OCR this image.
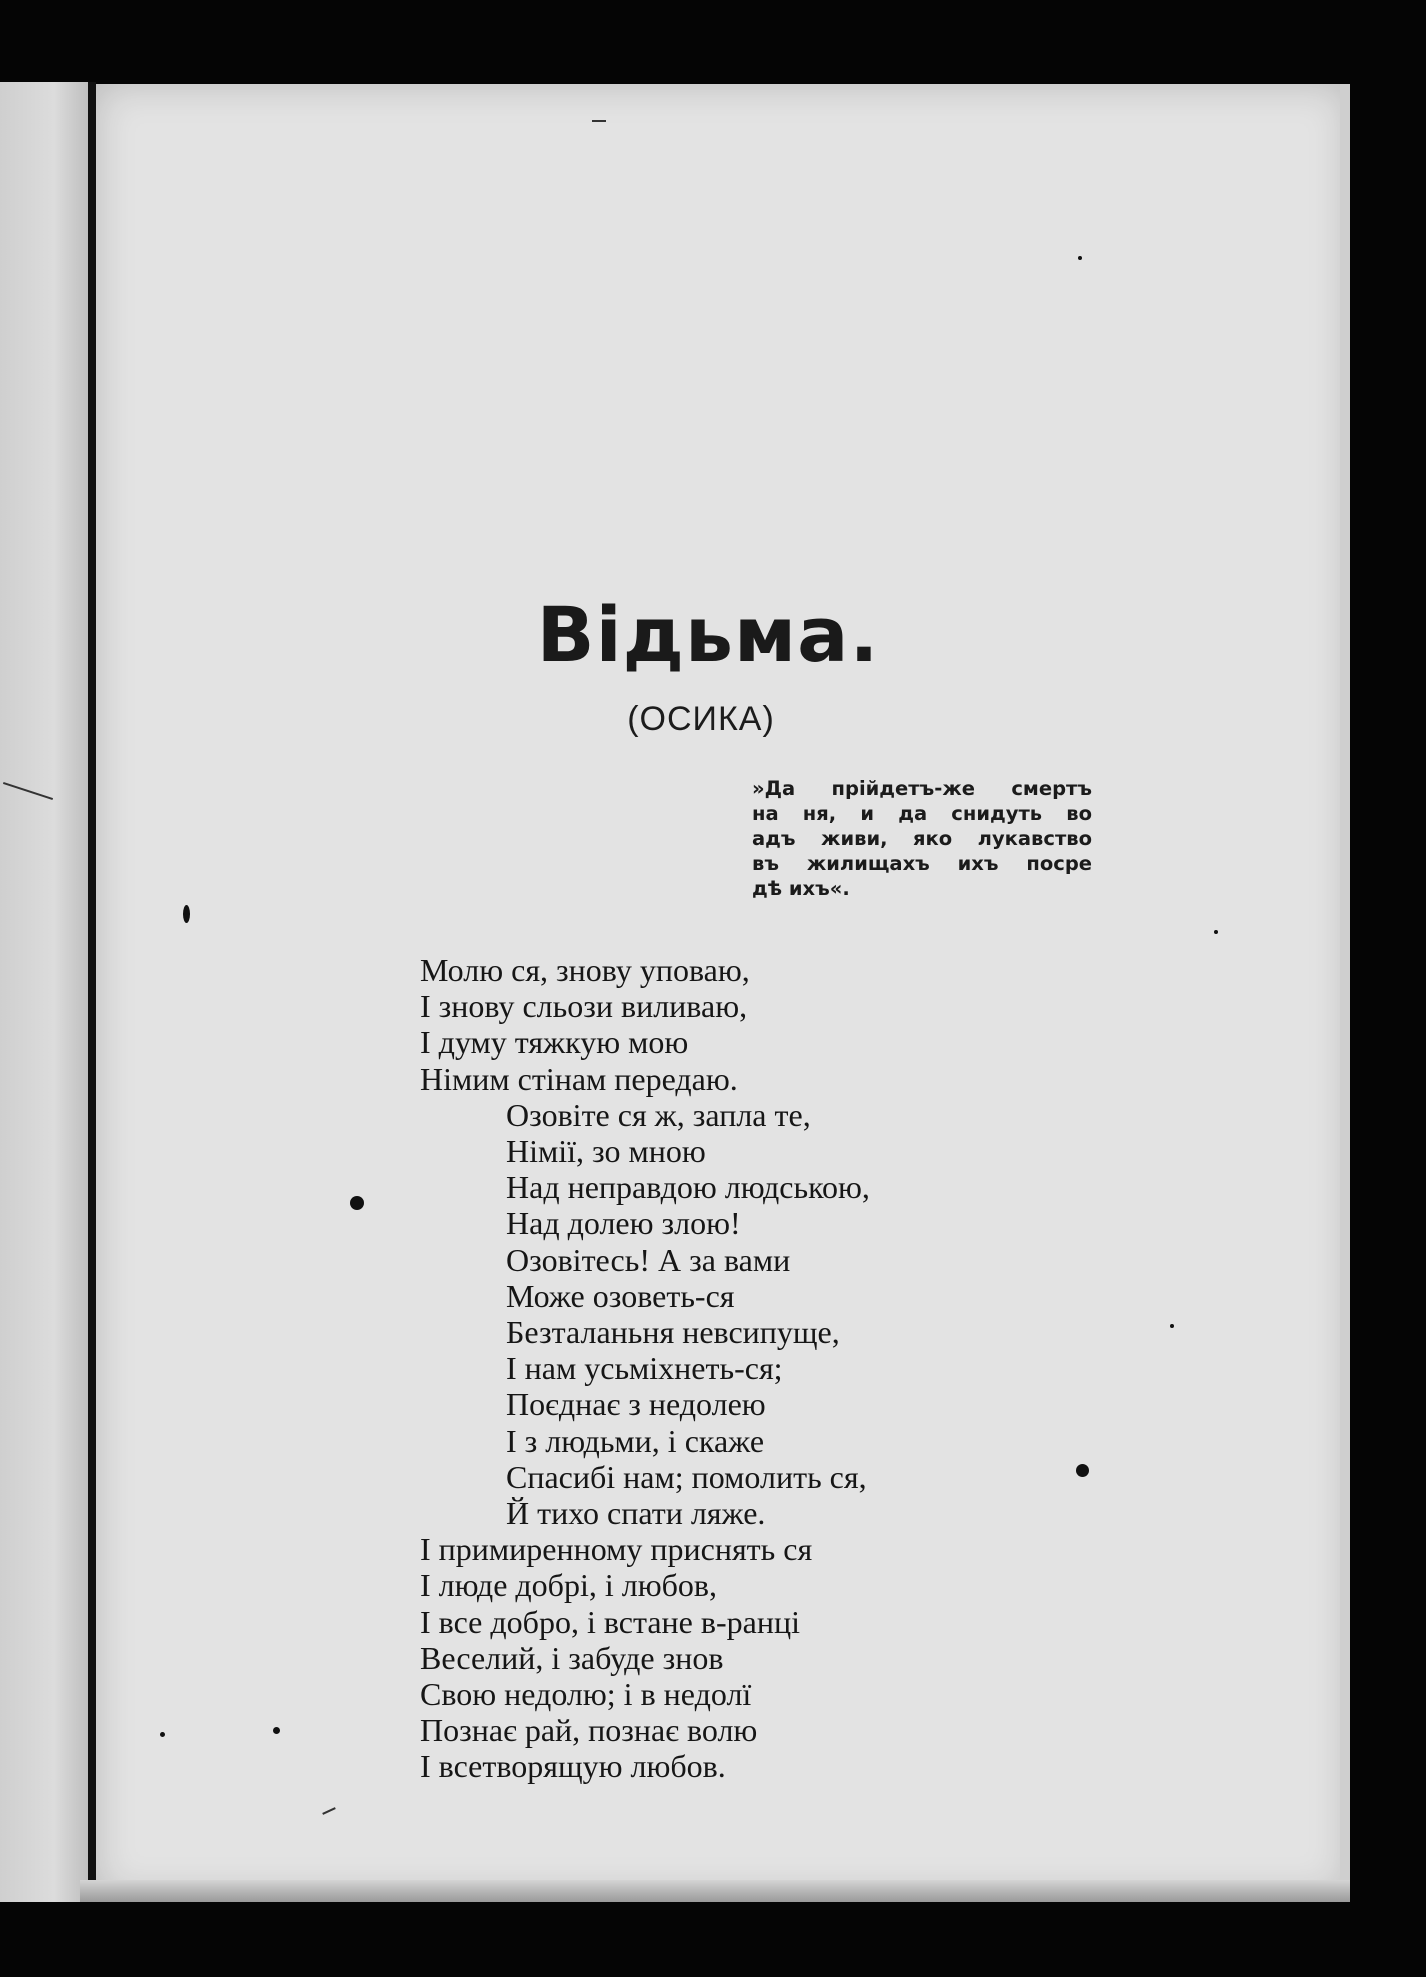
Відьма.
(ОСИКА)
»Да прiйдетъ-же смертъ
на ня, и да снидуть во
адъ живи, яко лукавство
въ жилищахъ ихъ посре
дѣ ихъ«.
Молю ся, знову уповаю,
І знову сльози виливаю,
І думу тяжкую мою
Німим стінам передаю.
Озовіте ся ж, запла те,
Німії, зо мною
Над неправдою людською,
Над долею злою!
Озовітесь! А за вами
Може озоветь-ся
Безталаньня невсипуще,
І нам усьміхнеть-ся;
Поєднає з недолею
І з людьми, і скаже
Спасибі нам; помолить ся,
Й тихо спати ляже.
І примиренному приснять ся
І люде добрі, і любов,
І все добро, і встане в-ранці
Веселий, і забуде знов
Свою недолю; і в недолї
Познає рай, познає волю
І всетворящую любов.
